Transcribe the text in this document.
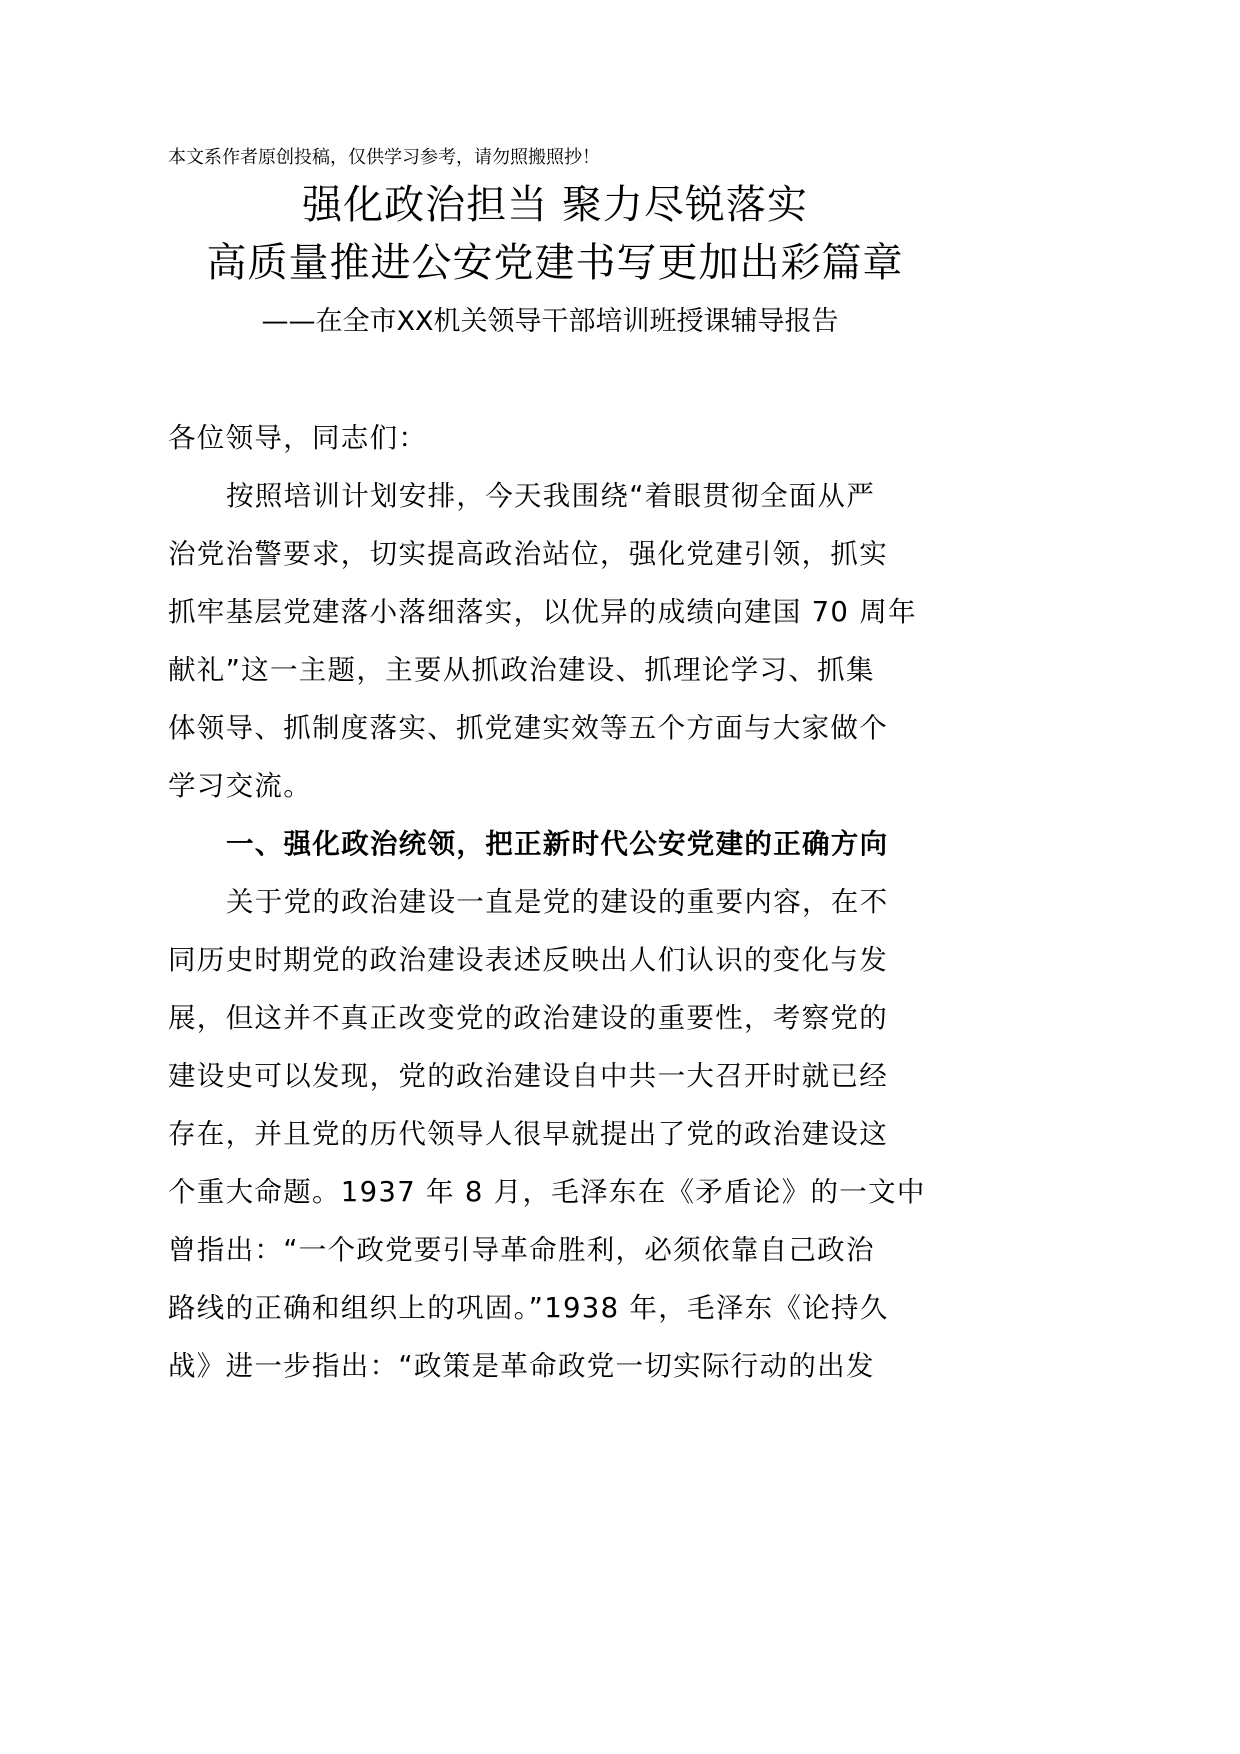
本文系作者原创投稿，仅供学习参考，请勿照搬照抄！
强化政治担当 聚力尽锐落实
高质量推进公安党建书写更加出彩篇章
——在全市XX机关领导干部培训班授课辅导报告
各位领导，同志们：
按照培训计划安排，今天我围绕“着眼贯彻全面从严
治党治警要求，切实提高政治站位，强化党建引领，抓实
抓牢基层党建落小落细落实，以优异的成绩向建国 70 周年
献礼”这一主题，主要从抓政治建设、抓理论学习、抓集
体领导、抓制度落实、抓党建实效等五个方面与大家做个
学习交流。
一、强化政治统领，把正新时代公安党建的正确方向
关于党的政治建设一直是党的建设的重要内容，在不
同历史时期党的政治建设表述反映出人们认识的变化与发
展，但这并不真正改变党的政治建设的重要性，考察党的
建设史可以发现，党的政治建设自中共一大召开时就已经
存在，并且党的历代领导人很早就提出了党的政治建设这
个重大命题。1937 年 8 月，毛泽东在《矛盾论》的一文中
曾指出：“一个政党要引导革命胜利，必须依靠自己政治
路线的正确和组织上的巩固。”1938 年，毛泽东《论持久
战》进一步指出：“政策是革命政党一切实际行动的出发
